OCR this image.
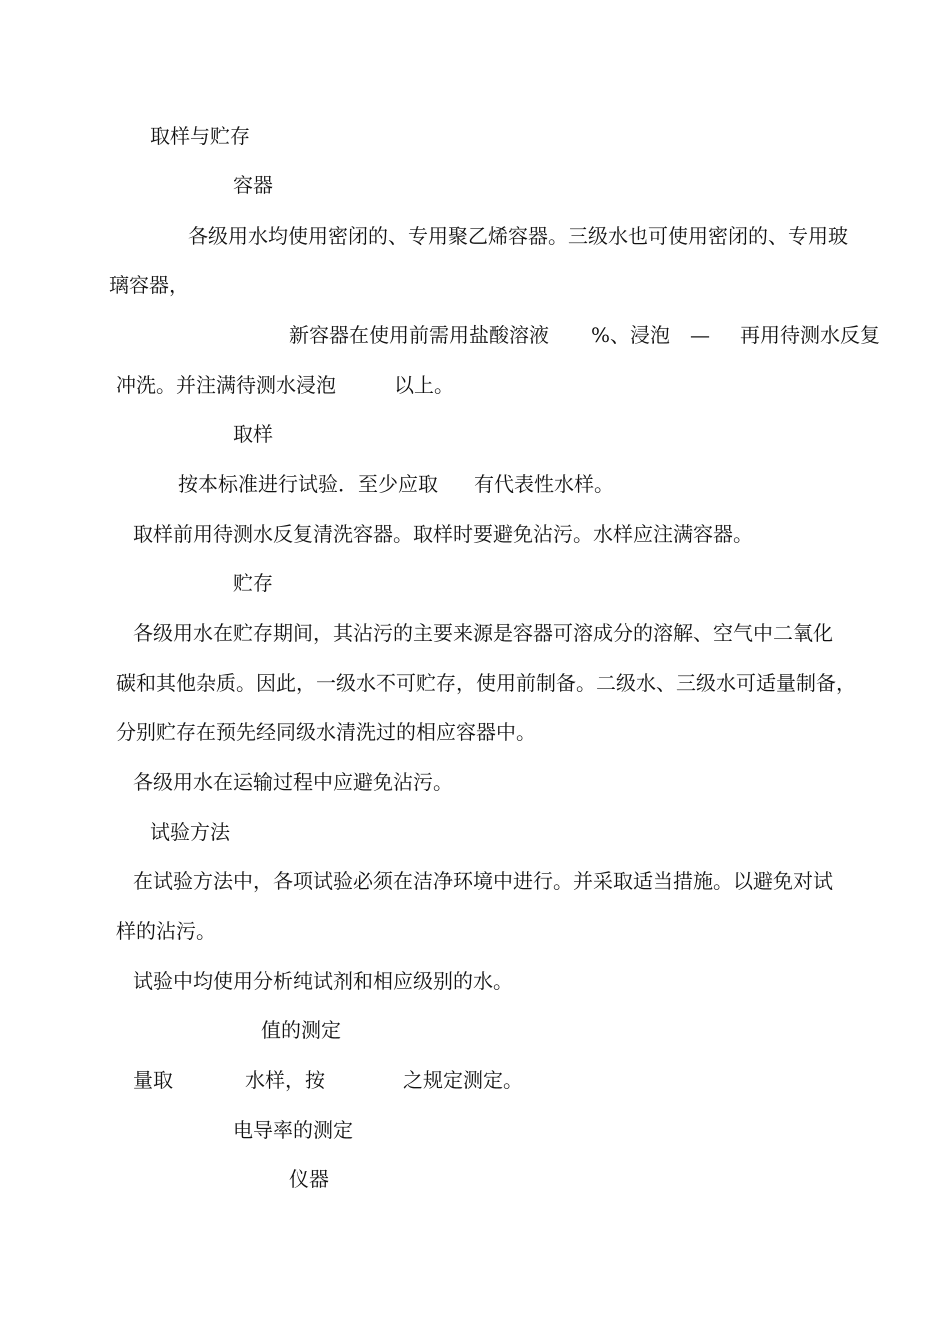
取样与贮存

容器

各级用水均使用密闭的、专用聚乙烯容器。三级水也可使用密闭的、专用玻

璃容器，

新容器在使用前需用盐酸溶液 %、浸泡 — 再用待测水反复
冲洗。并注满待测水浸泡	以上。

取样

按本标准进行试验．至少应取 有代表性水样。

取样前用待测水反复清洗容器。取样时要避免沾污。水样应注满容器。

贮存

各级用水在贮存期间，其沾污的主要来源是容器可溶成分的溶解、空气中二氧化

碳和其他杂质。因此，一级水不可贮存，使用前制备。二级水、三级水可适量制备，

分别贮存在预先经同级水清洗过的相应容器中。

各级用水在运输过程中应避免沾污。

试验方法

在试验方法中，各项试验必须在洁净环境中进行。并采取适当措施。以避免对试

样的沾污。

试验中均使用分析纯试剂和相应级别的水。

值的测定

量取	水样，按	之规定测定。

电导率的测定

仪器
